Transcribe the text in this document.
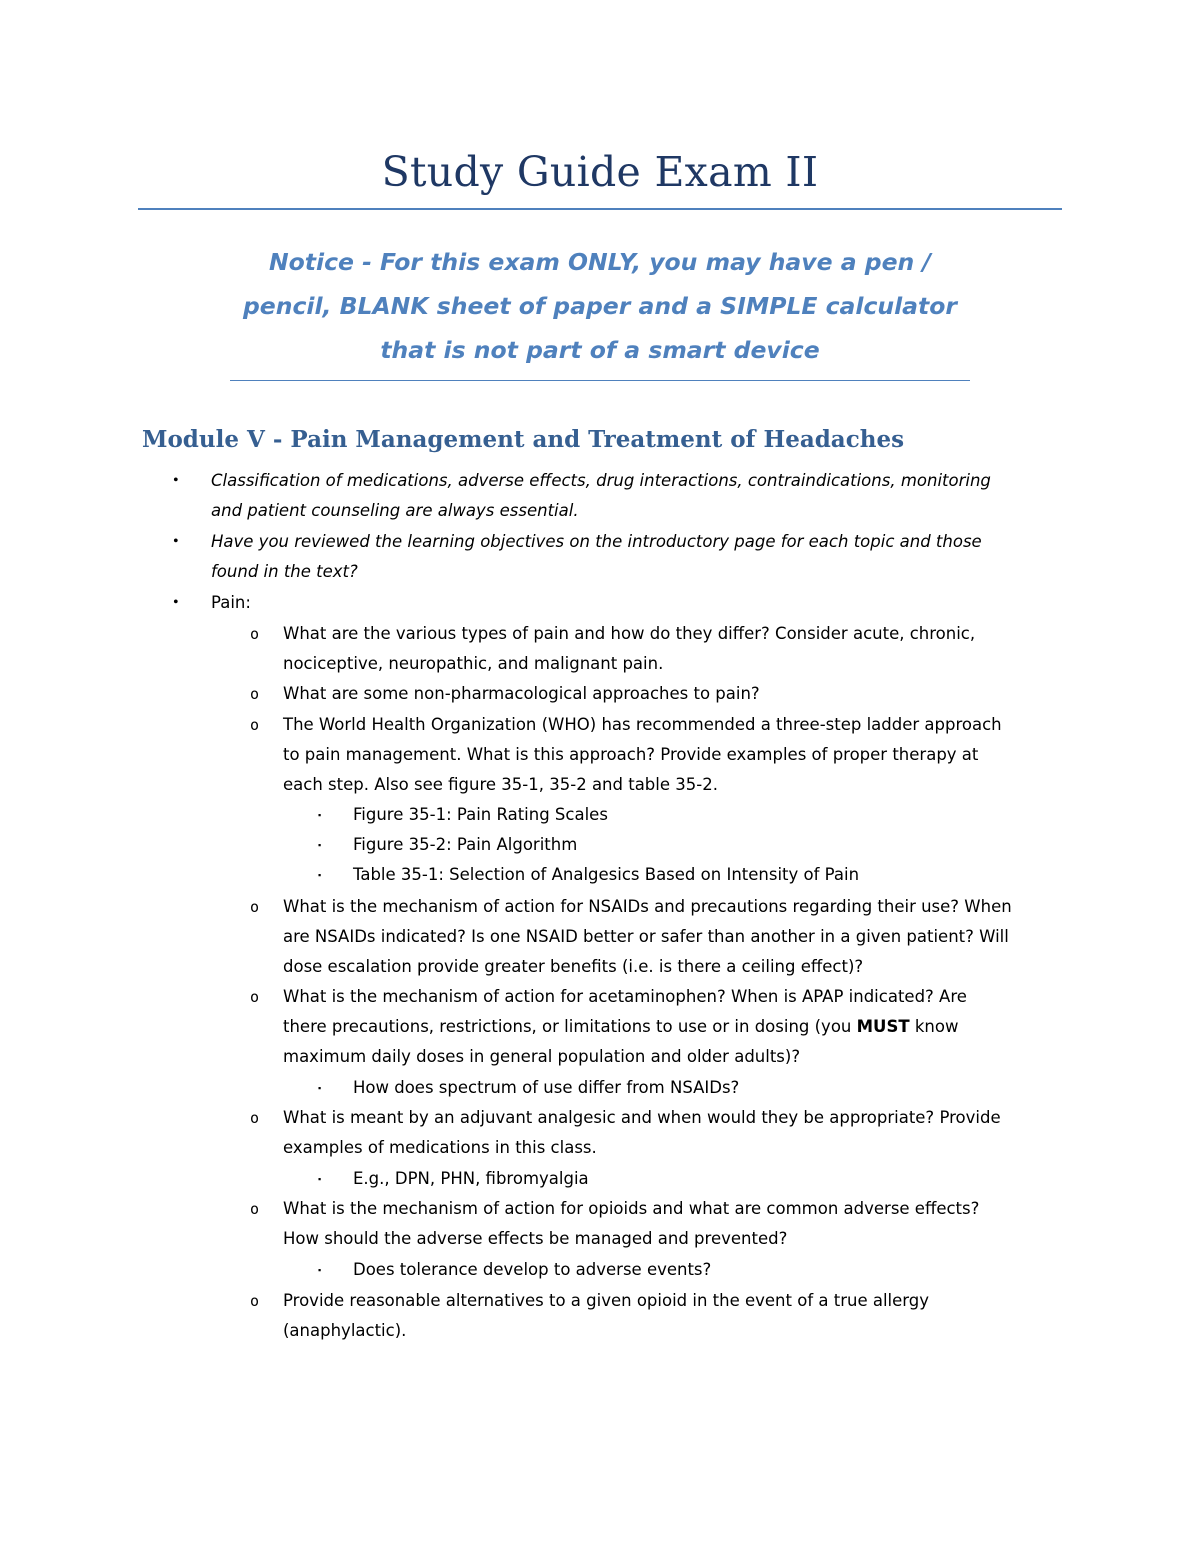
Study Guide Exam II
Notice - For this exam ONLY, you may have a pen /
pencil, BLANK sheet of paper and a SIMPLE calculator
that is not part of a smart device
Module V - Pain Management and Treatment of Headaches
• Classification of medications, adverse effects, drug interactions, contraindications, monitoring
and patient counseling are always essential.
• Have you reviewed the learning objectives on the introductory page for each topic and those
found in the text?
• Pain:
o What are the various types of pain and how do they differ? Consider acute, chronic,
nociceptive, neuropathic, and malignant pain.
o What are some non-pharmacological approaches to pain?
o The World Health Organization (WHO) has recommended a three-step ladder approach
to pain management. What is this approach? Provide examples of proper therapy at
each step. Also see figure 35-1, 35-2 and table 35-2.
▪ Figure 35-1: Pain Rating Scales
▪ Figure 35-2: Pain Algorithm
▪ Table 35-1: Selection of Analgesics Based on Intensity of Pain
o What is the mechanism of action for NSAIDs and precautions regarding their use? When
are NSAIDs indicated? Is one NSAID better or safer than another in a given patient? Will
dose escalation provide greater benefits (i.e. is there a ceiling effect)?
o What is the mechanism of action for acetaminophen? When is APAP indicated? Are
there precautions, restrictions, or limitations to use or in dosing (you MUST know
maximum daily doses in general population and older adults)?
▪ How does spectrum of use differ from NSAIDs?
o What is meant by an adjuvant analgesic and when would they be appropriate? Provide
examples of medications in this class.
▪ E.g., DPN, PHN, fibromyalgia
o What is the mechanism of action for opioids and what are common adverse effects?
How should the adverse effects be managed and prevented?
▪ Does tolerance develop to adverse events?
o Provide reasonable alternatives to a given opioid in the event of a true allergy
(anaphylactic).
